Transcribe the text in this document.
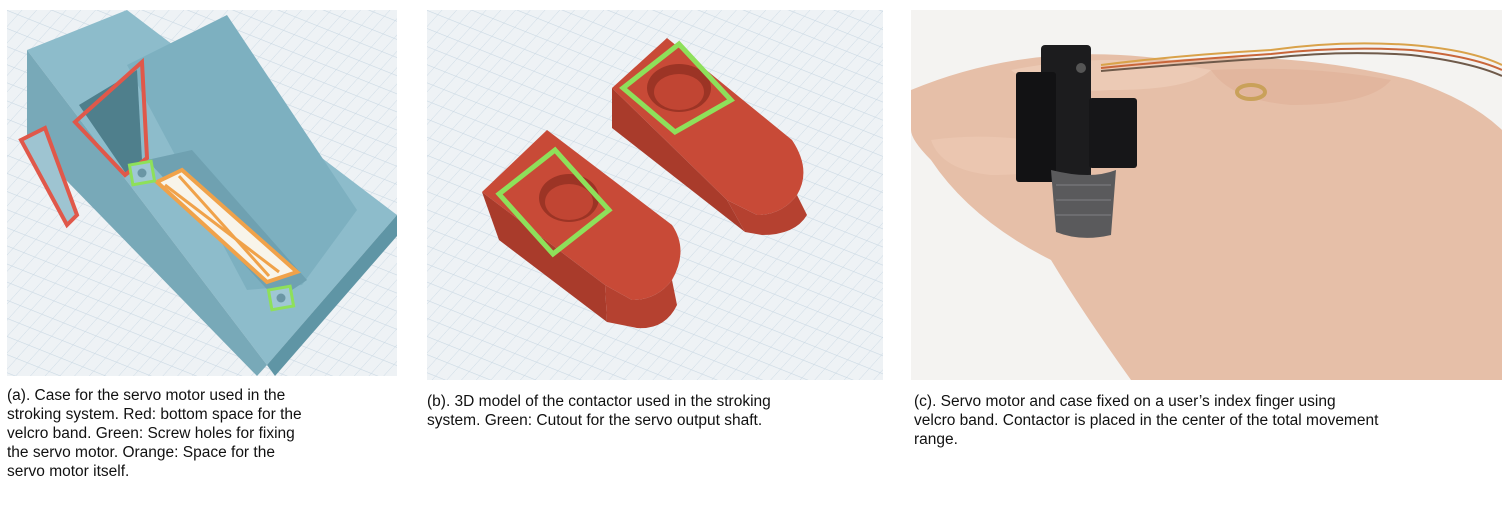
(a). Case for the servo motor used in the
stroking system. Red: bottom space for the
velcro band. Green: Screw holes for fixing
the servo motor. Orange: Space for the
servo motor itself.
(b). 3D model of the contactor used in the stroking
system. Green: Cutout for the servo output shaft.
(c). Servo motor and case fixed on a user’s index finger using
velcro band. Contactor is placed in the center of the total movement
range.
